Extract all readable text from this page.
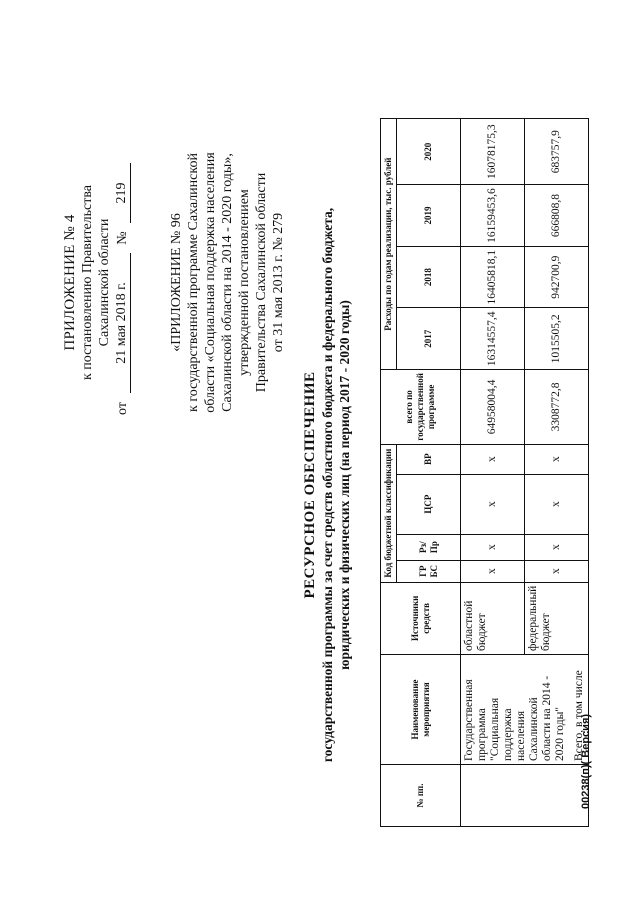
ПРИЛОЖЕНИЕ № 4 к постановлению Правительства Сахалинской области
от
21 мая 2018 г.
№
219
«ПРИЛОЖЕНИЕ № 96 к государственной программе Сахалинской области «Социальная поддержка населения Сахалинской области на 2014 - 2020 годы», утвержденной постановлением Правительства Сахалинской области от 31 мая 2013 г. № 279
РЕСУРСНОЕ ОБЕСПЕЧЕНИЕ государственной программы за счет средств областного бюджета и федерального бюджета, юридических и физических лиц (на период 2017 - 2020 годы)
№ пп.	Наименование мероприятия	Источники средств	Код бюджетной классификации				всего по государственной программе	Расходы по годам реализации, тыс. рублей			
			ГР БС	Рз/ Пр	ЦСР	ВР		2017	2018	2019	2020

	Государственная программа "Социальная поддержка населения Сахалинской области на 2014 - 2020 годы" Всего, в том числе	областной бюджет	х	х	х	х	64958004,4	16314557,4	16405818,1	16159453,6	16078175,3
		федеральный бюджет	х	х	х	х	3308772,8	1015505,2	942700,9	666808,8	683757,9
00238(п)( Версия)
